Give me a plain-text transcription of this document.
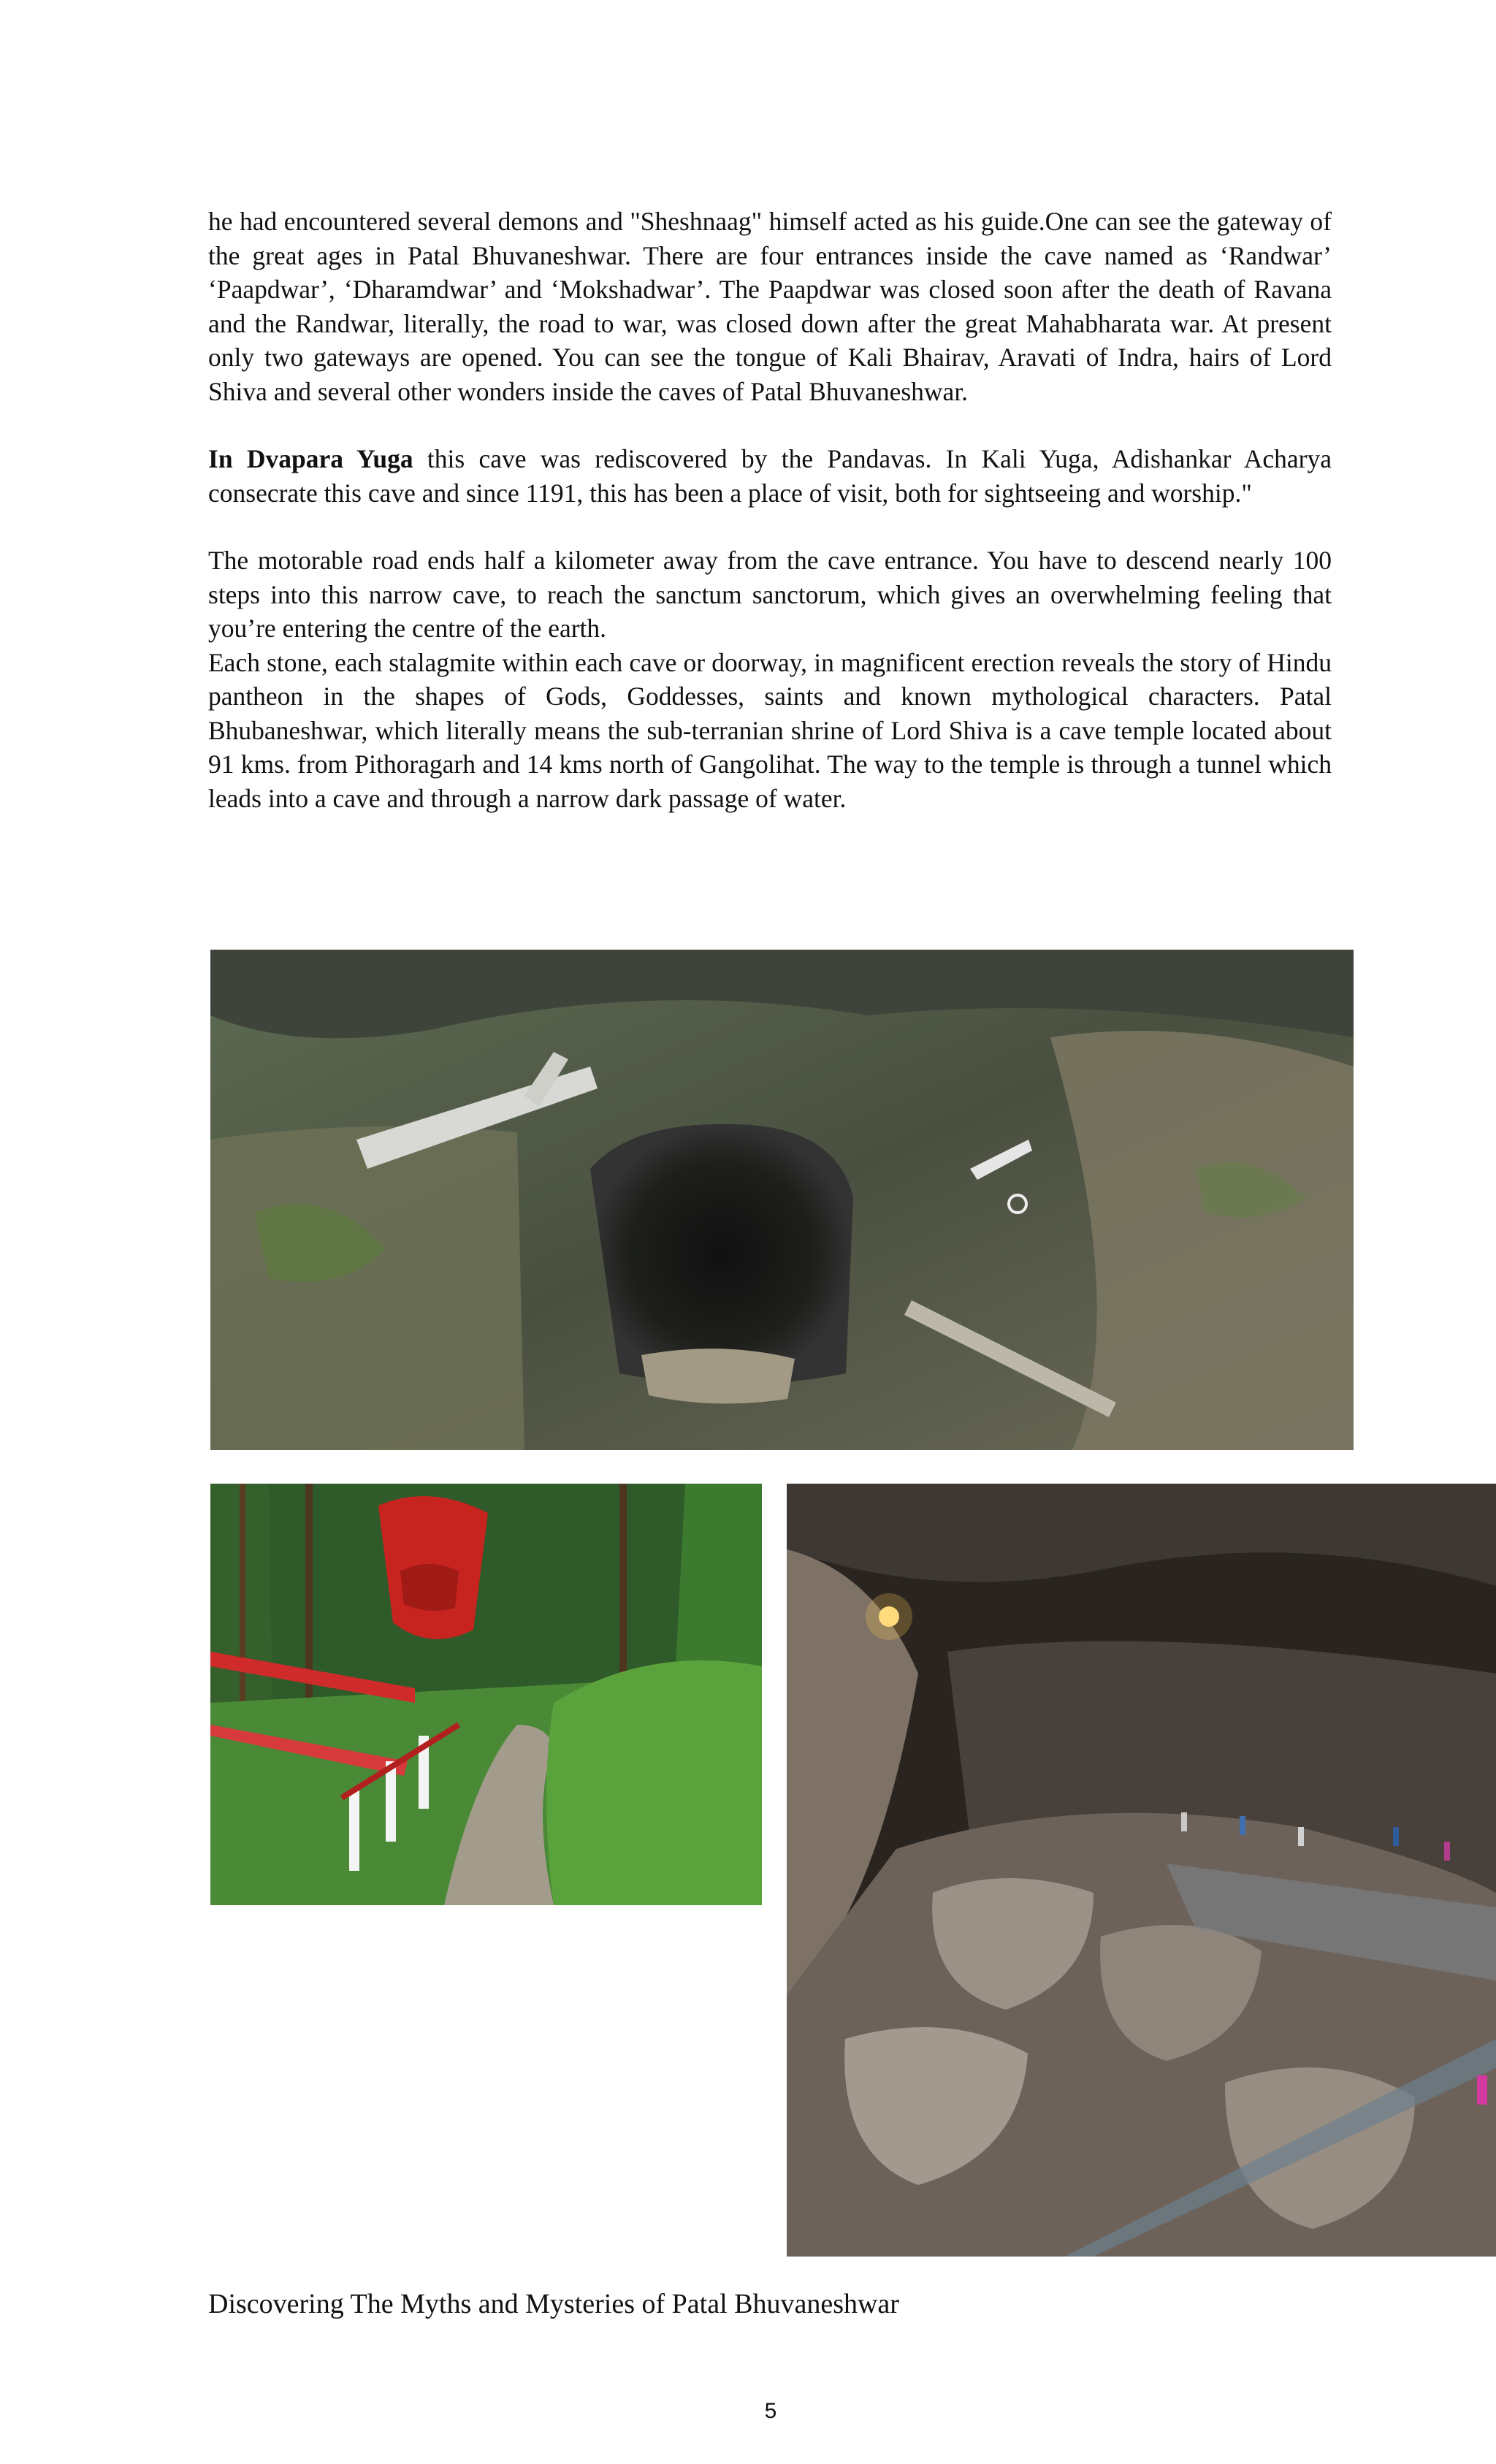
he had encountered several demons and "Sheshnaag" himself acted as his guide.One can see the gateway of the great ages in Patal Bhuvaneshwar. There are four entrances inside the cave named as ‘Randwar’ ‘Paapdwar’, ‘Dharamdwar’ and ‘Mokshadwar’. The Paapdwar was closed soon after the death of Ravana and the Randwar, literally, the road to war, was closed down after the great Mahabharata war. At present only two gateways are opened. You can see the tongue of Kali Bhairav, Aravati of Indra, hairs of Lord Shiva and several other wonders inside the caves of Patal Bhuvaneshwar.

In Dvapara Yuga this cave was rediscovered by the Pandavas. In Kali Yuga, Adishankar Acharya consecrate this cave and since 1191, this has been a place of visit, both for sightseeing and worship."

The motorable road ends half a kilometer away from the cave entrance. You have to descend nearly 100 steps into this narrow cave, to reach the sanctum sanctorum, which gives an overwhelming feeling that you’re entering the centre of the earth.

Each stone, each stalagmite within each cave or doorway, in magnificent erection reveals the story of Hindu pantheon in the shapes of Gods, Goddesses, saints and known mythological characters. Patal Bhubaneshwar, which literally means the sub-terranian shrine of Lord Shiva is a cave temple located about 91 kms. from Pithoragarh and 14 kms north of Gangolihat. The way to the temple is through a tunnel which leads into a cave and through a narrow dark passage of water.

Discovering The Myths and Mysteries of Patal Bhuvaneshwar
5
